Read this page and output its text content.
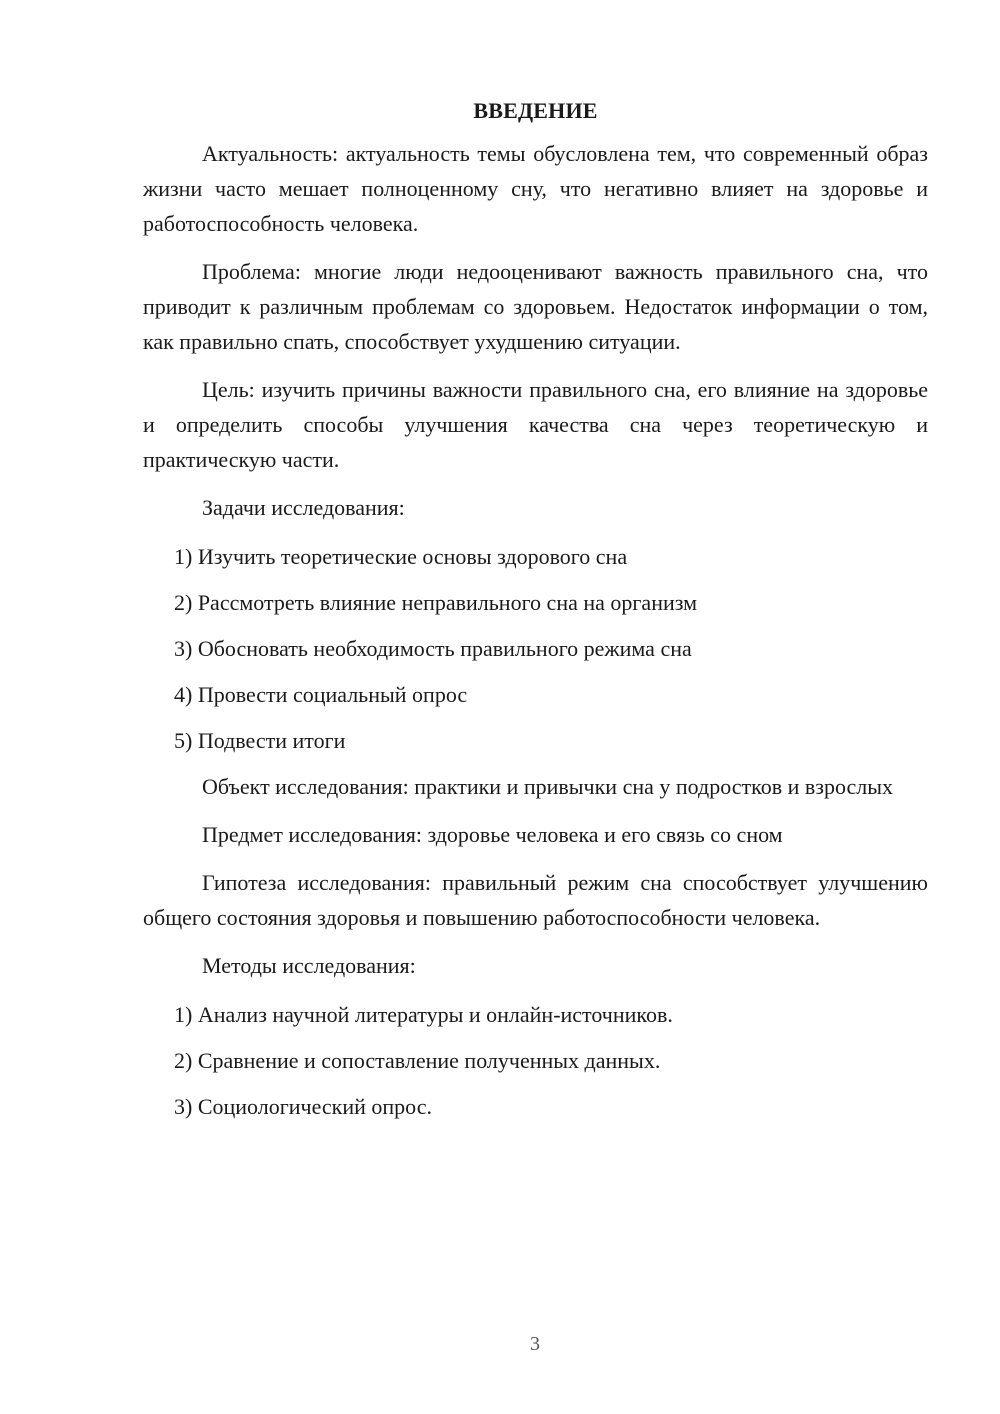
ВВЕДЕНИЕ

Актуальность: актуальность темы обусловлена тем, что современный образ жизни часто мешает полноценному сну, что негативно влияет на здоровье и работоспособность человека.

Проблема: многие люди недооценивают важность правильного сна, что приводит к различным проблемам со здоровьем. Недостаток информации о том, как правильно спать, способствует ухудшению ситуации.

Цель: изучить причины важности правильного сна, его влияние на здоровье и определить способы улучшения качества сна через теоретическую и практическую части.

Задачи исследования:

1) Изучить теоретические основы здорового сна
2) Рассмотреть влияние неправильного сна на организм
3) Обосновать необходимость правильного режима сна
4) Провести социальный опрос
5) Подвести итоги

Объект исследования: практики и привычки сна у подростков и взрослых

Предмет исследования: здоровье человека и его связь со сном

Гипотеза исследования: правильный режим сна способствует улучшению общего состояния здоровья и повышению работоспособности человека.

Методы исследования:

1) Анализ научной литературы и онлайн-источников.
2) Сравнение и сопоставление полученных данных.
3) Социологический опрос.
3
